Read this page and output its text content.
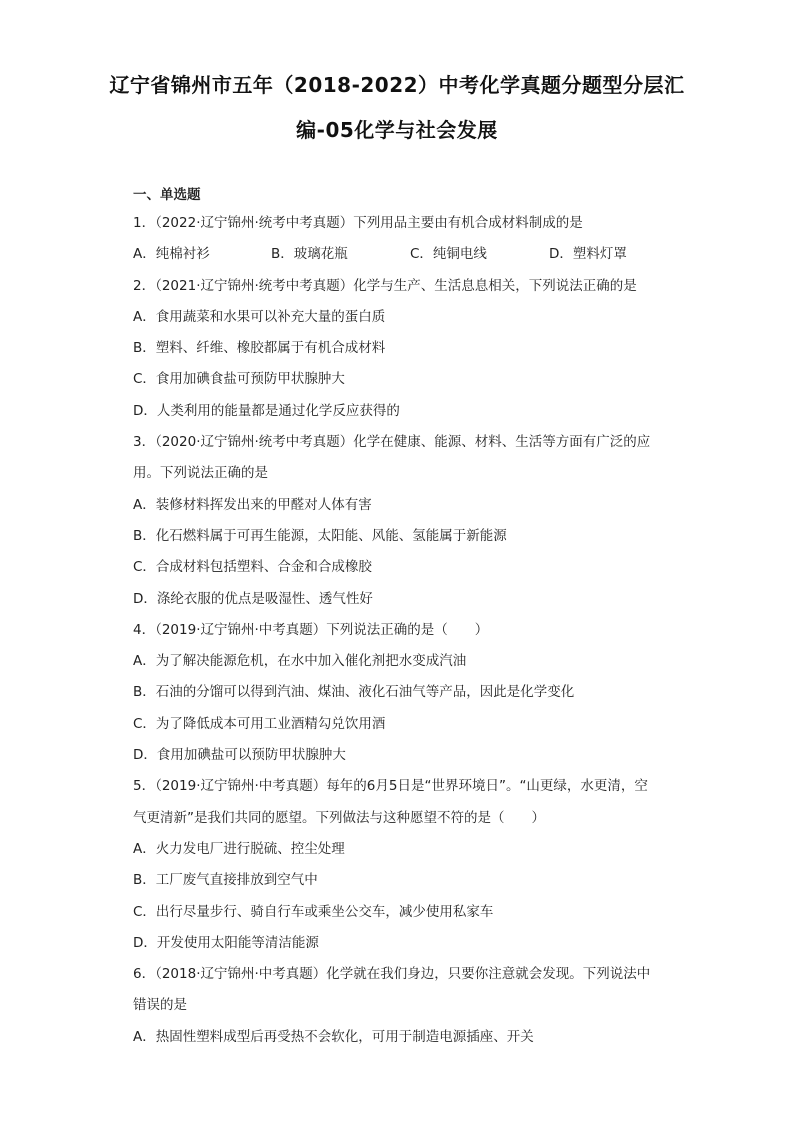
辽宁省锦州市五年（2018-2022）中考化学真题分题型分层汇
编-05化学与社会发展
一、单选题
1．（2022·辽宁锦州·统考中考真题）下列用品主要由有机合成材料制成的是
A．纯棉衬衫	B．玻璃花瓶	C．纯铜电线	D．塑料灯罩
2．（2021·辽宁锦州·统考中考真题）化学与生产、生活息息相关，下列说法正确的是
A．食用蔬菜和水果可以补充大量的蛋白质
B．塑料、纤维、橡胶都属于有机合成材料
C．食用加碘食盐可预防甲状腺肿大
D．人类利用的能量都是通过化学反应获得的
3．（2020·辽宁锦州·统考中考真题）化学在健康、能源、材料、生活等方面有广泛的应
用。下列说法正确的是
A．装修材料挥发出来的甲醛对人体有害
B．化石燃料属于可再生能源，太阳能、风能、氢能属于新能源
C．合成材料包括塑料、合金和合成橡胶
D．涤纶衣服的优点是吸湿性、透气性好
4．（2019·辽宁锦州·中考真题）下列说法正确的是（　　）
A．为了解决能源危机，在水中加入催化剂把水变成汽油
B．石油的分馏可以得到汽油、煤油、液化石油气等产品，因此是化学变化
C．为了降低成本可用工业酒精勾兑饮用酒
D．食用加碘盐可以预防甲状腺肿大
5．（2019·辽宁锦州·中考真题）每年的6月5日是“世界环境日”。“山更绿，水更清，空
气更清新”是我们共同的愿望。下列做法与这种愿望不符的是（　　）
A．火力发电厂进行脱硫、控尘处理
B．工厂废气直接排放到空气中
C．出行尽量步行、骑自行车或乘坐公交车，减少使用私家车
D．开发使用太阳能等清洁能源
6．（2018·辽宁锦州·中考真题）化学就在我们身边，只要你注意就会发现。下列说法中
错误的是
A．热固性塑料成型后再受热不会软化，可用于制造电源插座、开关
